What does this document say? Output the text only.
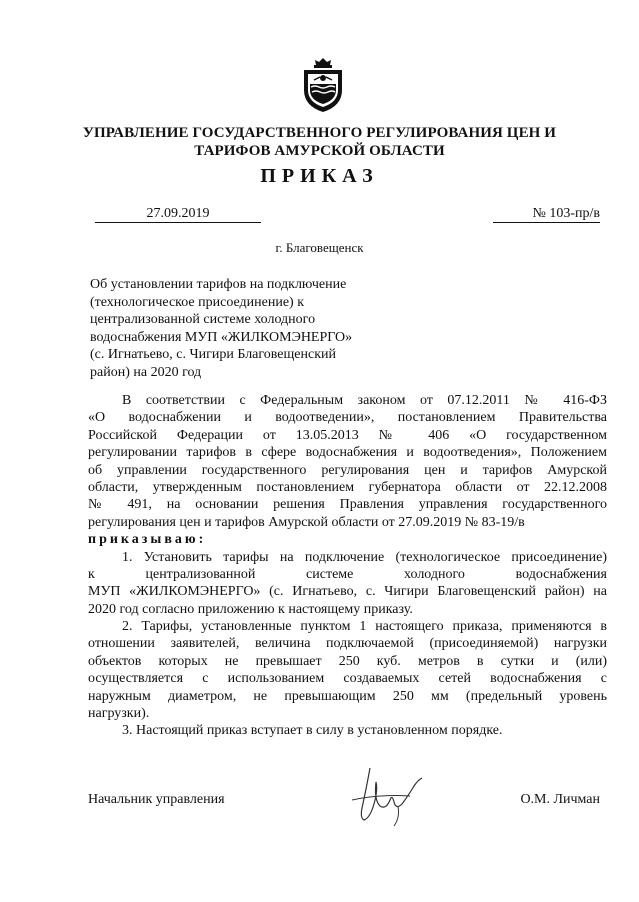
УПРАВЛЕНИЕ ГОСУДАРСТВЕННОГО РЕГУЛИРОВАНИЯ ЦЕН И
ТАРИФОВ АМУРСКОЙ ОБЛАСТИ
ПРИКАЗ
27.09.2019	№ 103-пр/в
г. Благовещенск
Об установлении тарифов на подключение
(технологическое присоединение) к
централизованной системе холодного
водоснабжения МУП «ЖИЛКОМЭНЕРГО»
(с. Игнатьево, с. Чигири Благовещенский
район) на 2020 год
В соответствии с Федеральным законом от 07.12.2011 № 416-ФЗ
«О водоснабжении и водоотведении», постановлением Правительства
Российской Федерации от 13.05.2013 № 406 «О государственном
регулировании тарифов в сфере водоснабжения и водоотведения», Положением
об управлении государственного регулирования цен и тарифов Амурской
области, утвержденным постановлением губернатора области от 22.12.2008
№ 491, на основании решения Правления управления государственного
регулирования цен и тарифов Амурской области от 27.09.2019 № 83-19/в
приказываю:
1. Установить тарифы на подключение (технологическое присоединение)
к централизованной системе холодного водоснабжения
МУП «ЖИЛКОМЭНЕРГО» (с. Игнатьево, с. Чигири Благовещенский район) на
2020 год согласно приложению к настоящему приказу.
2. Тарифы, установленные пунктом 1 настоящего приказа, применяются в
отношении заявителей, величина подключаемой (присоединяемой) нагрузки
объектов которых не превышает 250 куб. метров в сутки и (или)
осуществляется с использованием создаваемых сетей водоснабжения с
наружным диаметром, не превышающим 250 мм (предельный уровень
нагрузки).
3. Настоящий приказ вступает в силу в установленном порядке.
Начальник управления	О.М. Личман
